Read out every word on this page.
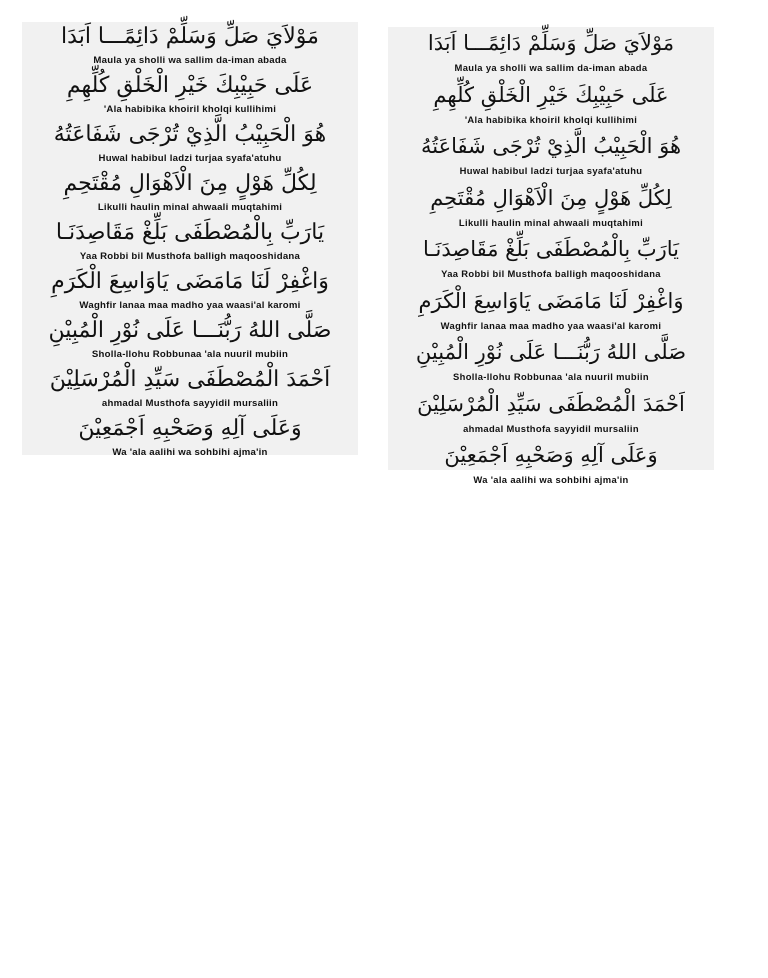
مَوْلاَيَ صَلِّ وَسَلِّمْ دَائِمًـــا اَبَدَا
Maula ya sholli wa sallim da-iman abada
عَلَى حَبِيْبِكَ خَيْرِ الْخَلْقِ كُلِّهِمِ
'Ala habibika khoiril kholqi kullihimi
هُوَ الْحَبِيْبُ الَّذِيْ تُرْجَى شَفَاعَتُهُ
Huwal habibul ladzi turjaa syafa'atuhu
لِكُلِّ هَوْلٍ مِنَ الْاَهْوَالِ مُقْتَحِمِ
Likulli haulin minal ahwaali muqtahimi
يَارَبِّ بِالْمُصْطَفَى بَلِّغْ مَقَاصِدَنَـا
Yaa Robbi bil Musthofa balligh maqooshidana
وَاغْفِرْ لَنَا مَامَضَى يَاوَاسِعَ الْكَرَمِ
Waghfir lanaa maa madho yaa waasi'al karomi
صَلَّى اللهُ رَبُّنَـــا عَلَى نُوْرِ الْمُبِيْنِ
Sholla-llohu Robbunaa 'ala nuuril mubiin
اَحْمَدَ الْمُصْطَفَى سَيِّدِ الْمُرْسَلِيْنَ
ahmadal Musthofa sayyidil mursaliin
وَعَلَى آلِهِ وَصَحْبِهِ اَجْمَعِيْنَ
Wa 'ala aalihi wa sohbihi ajma'in
مَوْلاَيَ صَلِّ وَسَلِّمْ دَائِمًـــا اَبَدَا
Maula ya sholli wa sallim da-iman abada
عَلَى حَبِيْبِكَ خَيْرِ الْخَلْقِ كُلِّهِمِ
'Ala habibika khoiril kholqi kullihimi
هُوَ الْحَبِيْبُ الَّذِيْ تُرْجَى شَفَاعَتُهُ
Huwal habibul ladzi turjaa syafa'atuhu
لِكُلِّ هَوْلٍ مِنَ الْاَهْوَالِ مُقْتَحِمِ
Likulli haulin minal ahwaali muqtahimi
يَارَبِّ بِالْمُصْطَفَى بَلِّغْ مَقَاصِدَنَـا
Yaa Robbi bil Musthofa balligh maqooshidana
وَاغْفِرْ لَنَا مَامَضَى يَاوَاسِعَ الْكَرَمِ
Waghfir lanaa maa madho yaa waasi'al karomi
صَلَّى اللهُ رَبُّنَـــا عَلَى نُوْرِ الْمُبِيْنِ
Sholla-llohu Robbunaa 'ala nuuril mubiin
اَحْمَدَ الْمُصْطَفَى سَيِّدِ الْمُرْسَلِيْنَ
ahmadal Musthofa sayyidil mursaliin
وَعَلَى آلِهِ وَصَحْبِهِ اَجْمَعِيْنَ
Wa 'ala aalihi wa sohbihi ajma'in
